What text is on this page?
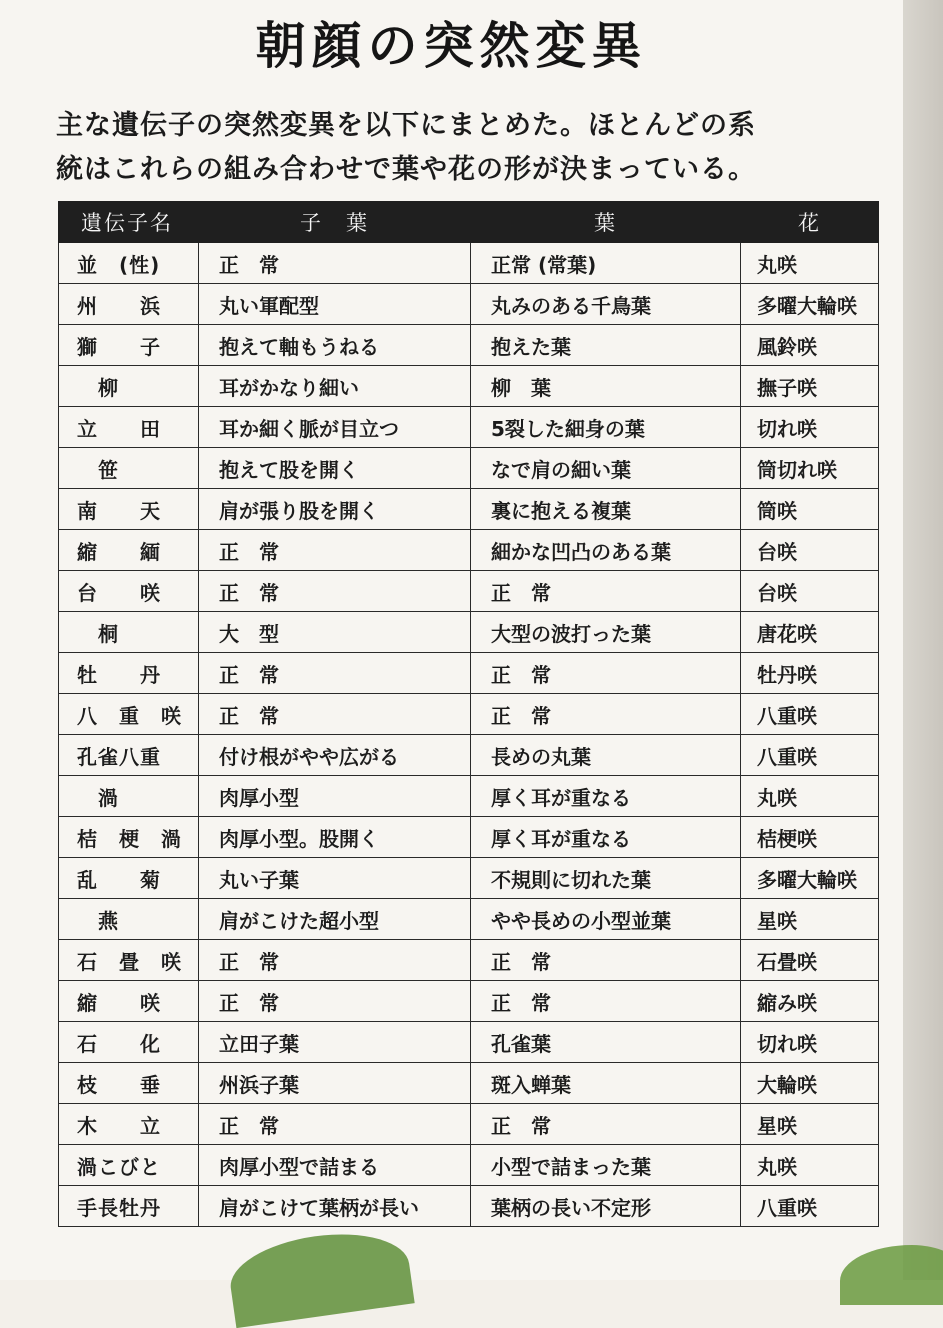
朝顔の突然変異

主な遺伝子の突然変異を以下にまとめた。ほとんどの系

統はこれらの組み合わせで葉や花の形が決まっている。

遺伝子名	子　葉	葉	花
並　(性)	正　常	正常 (常葉)	丸咲
州　　浜	丸い軍配型	丸みのある千鳥葉	多曜大輪咲
獅　　子	抱えて軸もうねる	抱えた葉	風鈴咲
　柳	耳がかなり細い	柳　葉	撫子咲
立　　田	耳か細く脈が目立つ	5裂した細身の葉	切れ咲
　笹	抱えて股を開く	なで肩の細い葉	筒切れ咲
南　　天	肩が張り股を開く	裏に抱える複葉	筒咲
縮　　緬	正　常	細かな凹凸のある葉	台咲
台　　咲	正　常	正　常	台咲
　桐	大　型	大型の波打った葉	唐花咲
牡　　丹	正　常	正　常	牡丹咲
八　重　咲	正　常	正　常	八重咲
孔雀八重	付け根がやや広がる	長めの丸葉	八重咲
　渦	肉厚小型	厚く耳が重なる	丸咲
桔　梗　渦	肉厚小型。股開く	厚く耳が重なる	桔梗咲
乱　　菊	丸い子葉	不規則に切れた葉	多曜大輪咲
　燕	肩がこけた超小型	やや長めの小型並葉	星咲
石　畳　咲	正　常	正　常	石畳咲
縮　　咲	正　常	正　常	縮み咲
石　　化	立田子葉	孔雀葉	切れ咲
枝　　垂	州浜子葉	斑入蝉葉	大輪咲
木　　立	正　常	正　常	星咲
渦こびと	肉厚小型で詰まる	小型で詰まった葉	丸咲
手長牡丹	肩がこけて葉柄が長い	葉柄の長い不定形	八重咲
